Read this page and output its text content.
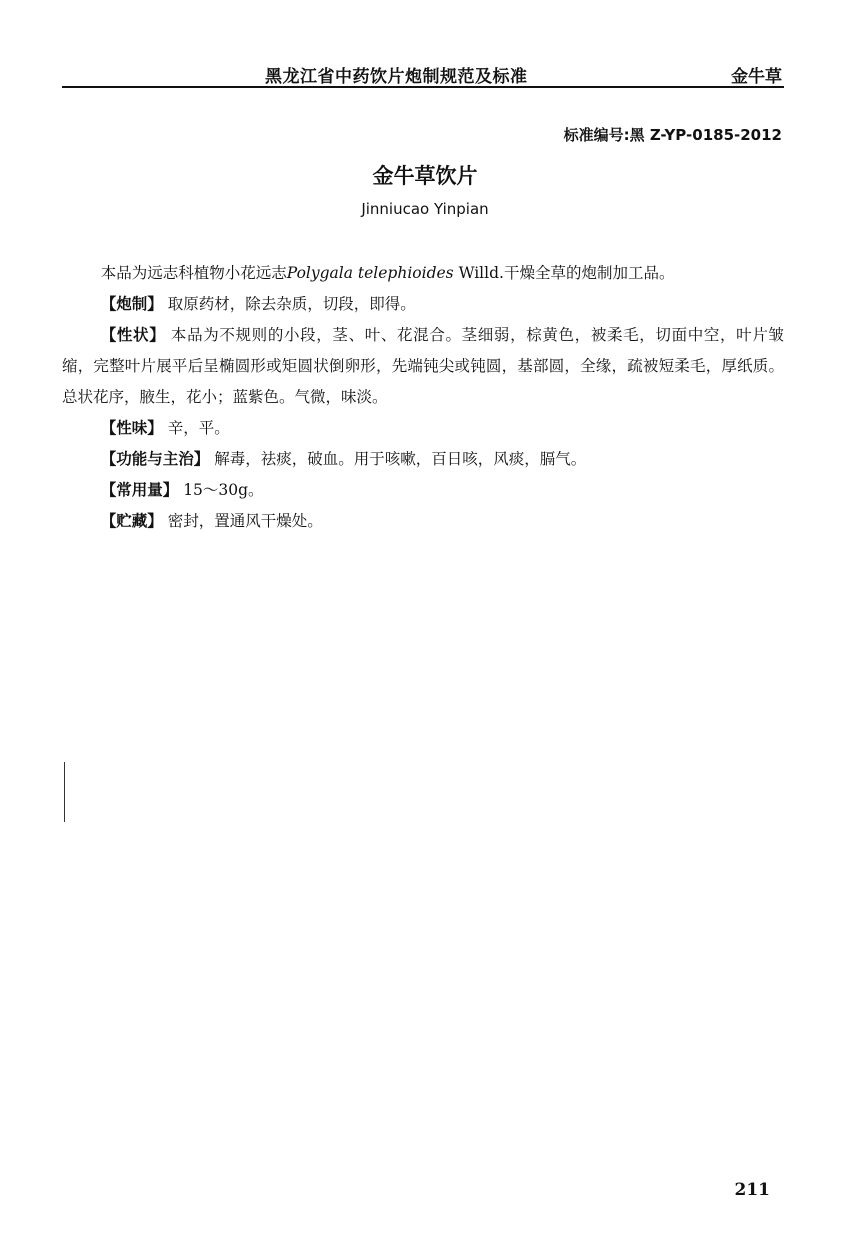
黑龙江省中药饮片炮制规范及标准	金牛草
标准编号:黑 Z-YP-0185-2012
金牛草饮片
Jinniucao Yinpian

本品为远志科植物小花远志Polygala telephioides Willd.干燥全草的炮制加工品。

【炮制】 取原药材，除去杂质，切段，即得。

【性状】 本品为不规则的小段，茎、叶、花混合。茎细弱，棕黄色，被柔毛，切面中空，叶片皱缩，完整叶片展平后呈椭圆形或矩圆状倒卵形，先端钝尖或钝圆，基部圆，全缘，疏被短柔毛，厚纸质。总状花序，腋生，花小；蓝紫色。气微，味淡。

【性味】 辛，平。

【功能与主治】 解毒，祛痰，破血。用于咳嗽，百日咳，风痰，膈气。

【常用量】 15～30g。

【贮藏】 密封，置通风干燥处。

211
